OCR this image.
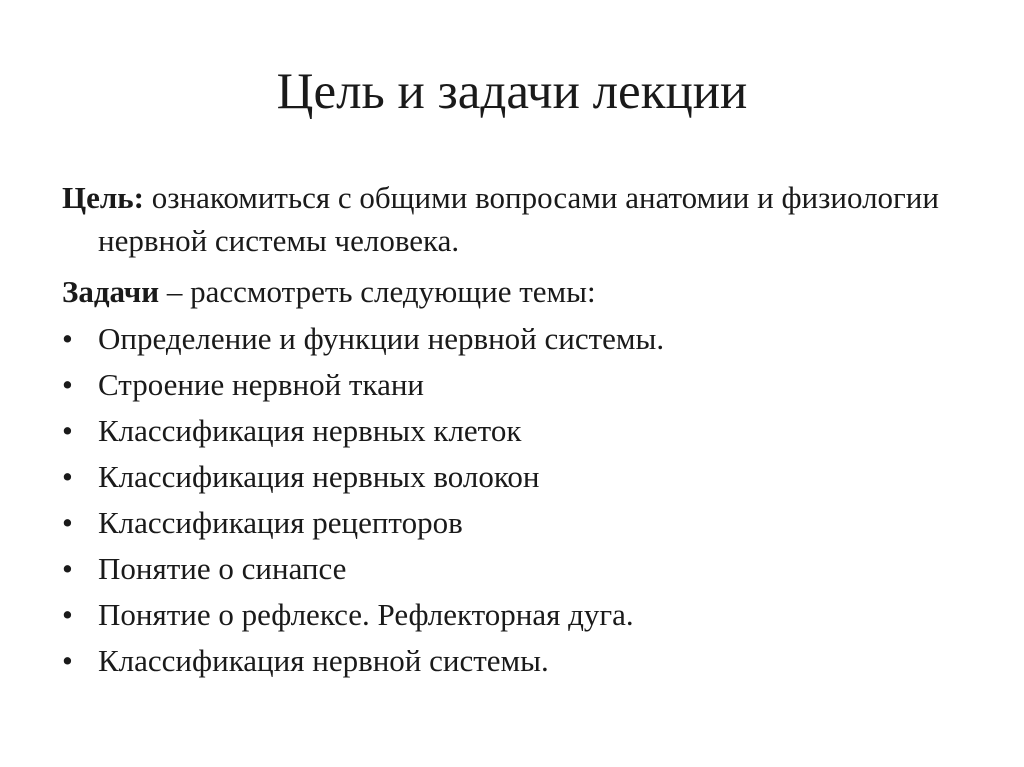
Цель и задачи лекции

Цель: ознакомиться с общими вопросами анатомии и физиологии нервной системы человека.

Задачи – рассмотреть следующие темы:

• Определение и функции нервной системы.
• Строение нервной ткани
• Классификация нервных клеток
• Классификация нервных волокон
• Классификация рецепторов
• Понятие о синапсе
• Понятие о рефлексе. Рефлекторная дуга.
• Классификация нервной системы.
